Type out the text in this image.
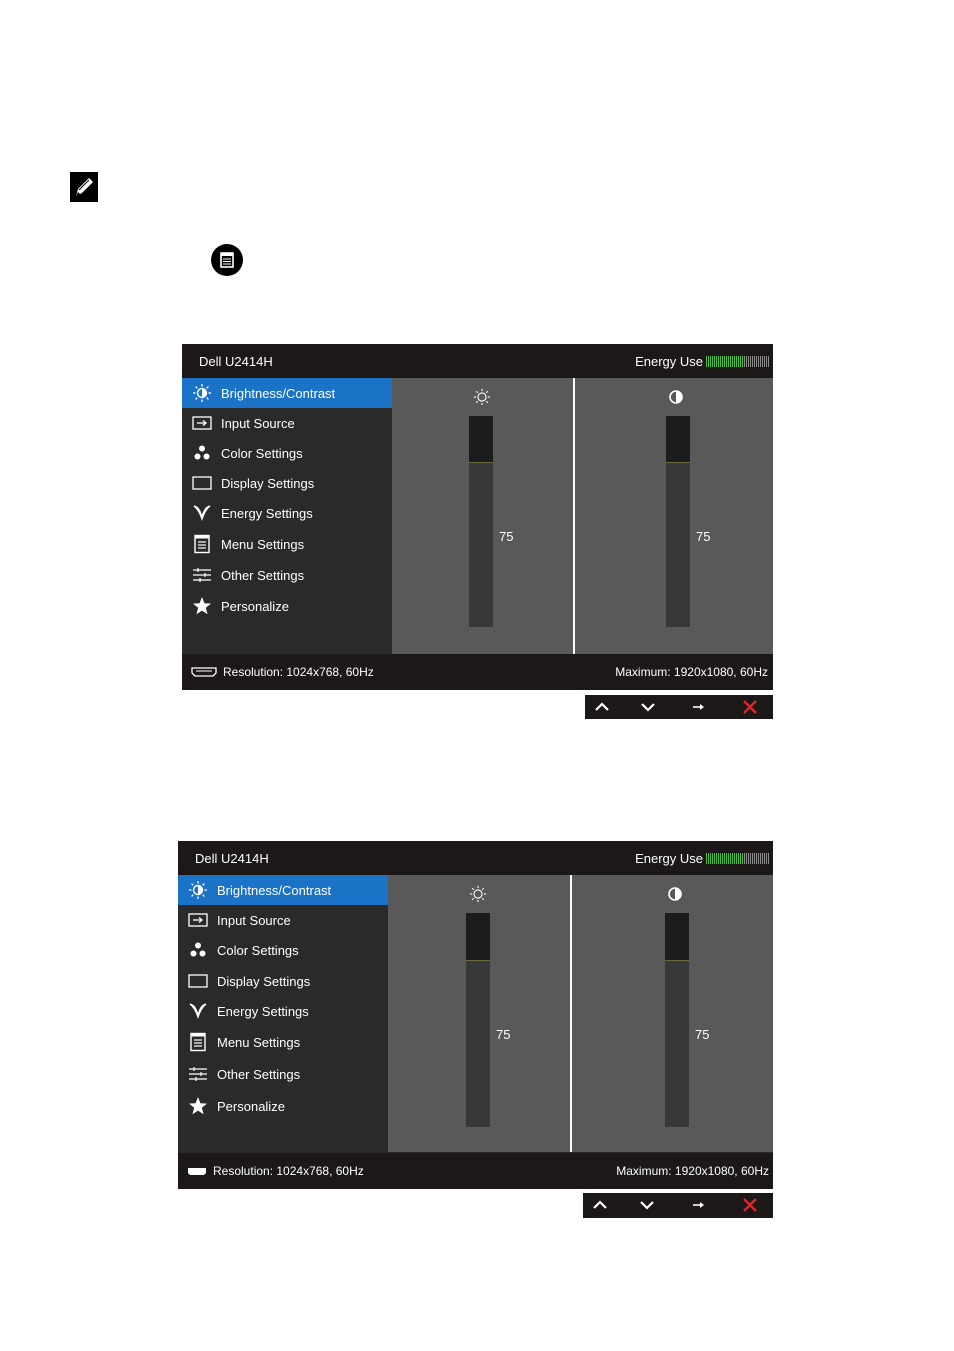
Dell U2414H	Energy Use
Brightness/Contrast
Input Source
Color Settings
Display Settings
Energy Settings
Menu Settings
Other Settings
Personalize
75	75
Resolution: 1024x768, 60Hz	Maximum: 1920x1080, 60Hz
Dell U2414H	Energy Use
Brightness/Contrast
Input Source
Color Settings
Display Settings
Energy Settings
Menu Settings
Other Settings
Personalize
75	75
Resolution: 1024x768, 60Hz	Maximum: 1920x1080, 60Hz
